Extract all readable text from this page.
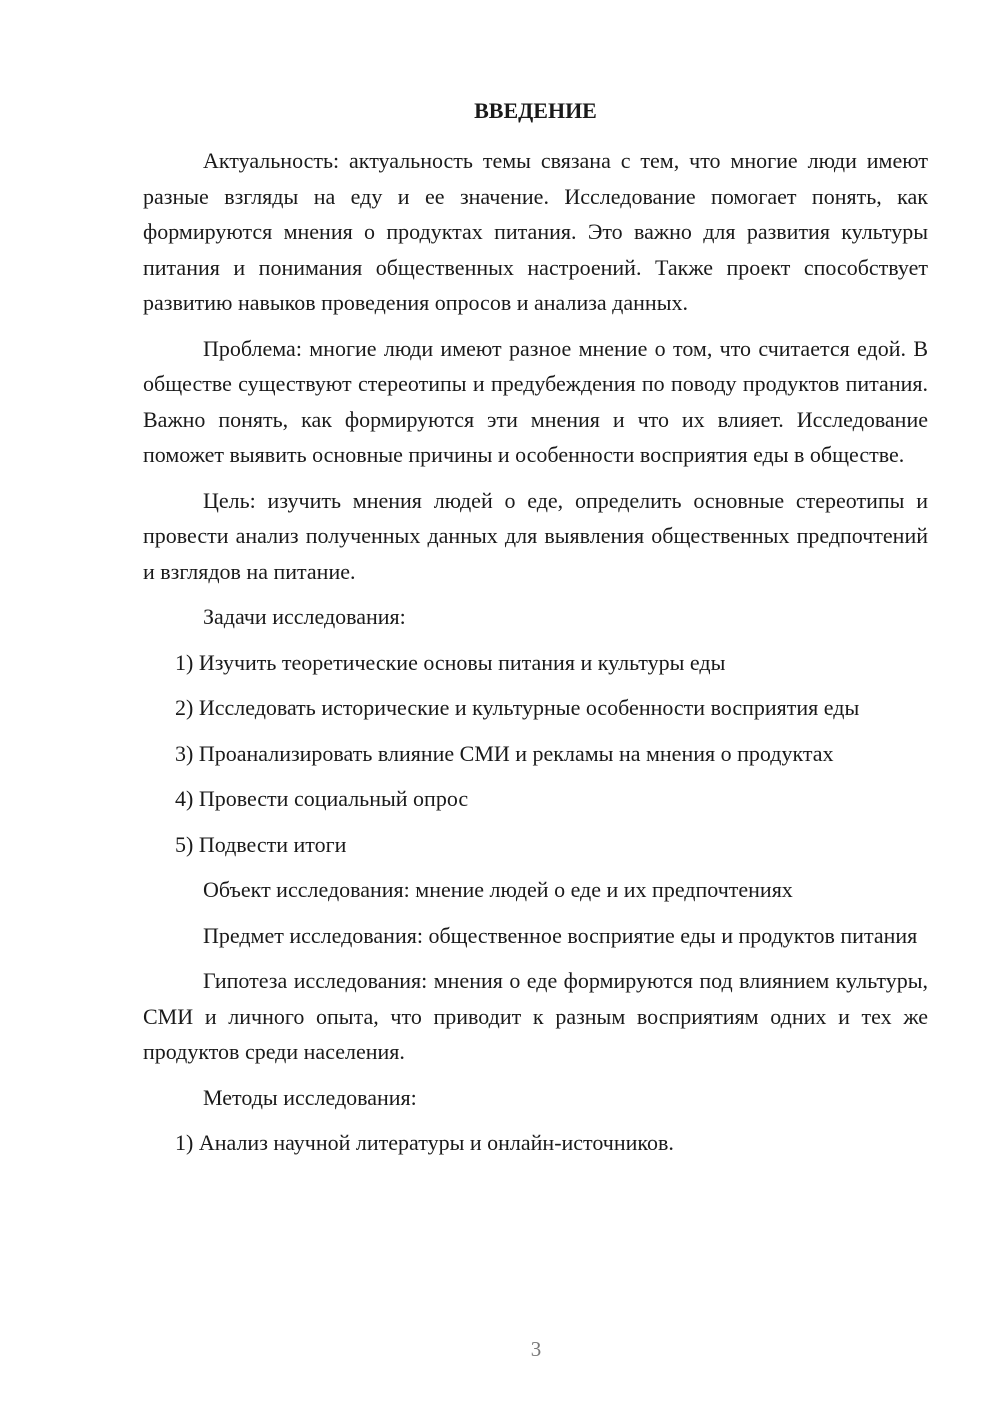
ВВЕДЕНИЕ

Актуальность: актуальность темы связана с тем, что многие люди имеют разные взгляды на еду и ее значение. Исследование помогает понять, как формируются мнения о продуктах питания. Это важно для развития культуры питания и понимания общественных настроений. Также проект способствует развитию навыков проведения опросов и анализа данных.

Проблема: многие люди имеют разное мнение о том, что считается едой. В обществе существуют стереотипы и предубеждения по поводу продуктов питания. Важно понять, как формируются эти мнения и что их влияет. Исследование поможет выявить основные причины и особенности восприятия еды в обществе.

Цель: изучить мнения людей о еде, определить основные стереотипы и провести анализ полученных данных для выявления общественных предпочтений и взглядов на питание.

Задачи исследования:

1) Изучить теоретические основы питания и культуры еды

2) Исследовать исторические и культурные особенности восприятия еды

3) Проанализировать влияние СМИ и рекламы на мнения о продуктах

4) Провести социальный опрос

5) Подвести итоги

Объект исследования: мнение людей о еде и их предпочтениях

Предмет исследования: общественное восприятие еды и продуктов питания

Гипотеза исследования: мнения о еде формируются под влиянием культуры, СМИ и личного опыта, что приводит к разным восприятиям одних и тех же продуктов среди населения.

Методы исследования:

1) Анализ научной литературы и онлайн-источников.

3
